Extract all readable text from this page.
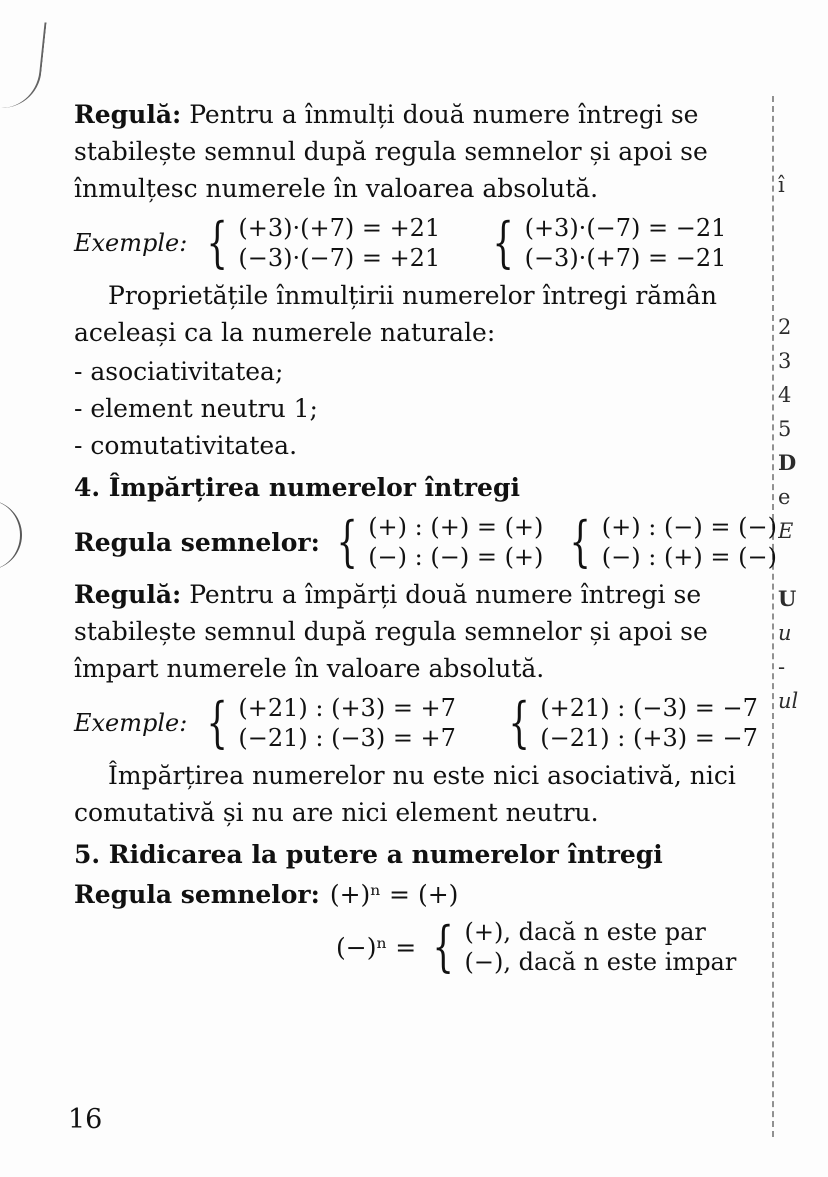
î
2
3
4
5
D
e
E
U
u
-
ul

Regulă: Pentru a înmulți două numere întregi se stabilește semnul după regula semnelor și apoi se înmulțesc numerele în valoarea absolută.

Exemple: { (+3)·(+7) = +21
(−3)·(−7) = +21 { (+3)·(−7) = −21
(−3)·(+7) = −21

Proprietățile înmulțirii numerelor întregi rămân aceleași ca la numerele naturale:

- asociativitatea;
- element neutru 1;
- comutativitatea.
4. Împărțirea numerelor întregi
Regula semnelor: { (+) : (+) = (+)
(−) : (−) = (+) { (+) : (−) = (−)
(−) : (+) = (−)

Regulă: Pentru a împărți două numere întregi se stabilește semnul după regula semnelor și apoi se împart numerele în valoare absolută.

Exemple: { (+21) : (+3) = +7
(−21) : (−3) = +7 { (+21) : (−3) = −7
(−21) : (+3) = −7

Împărțirea numerelor nu este nici asociativă, nici comutativă și nu are nici element neutru.

5. Ridicarea la putere a numerelor întregi
Regula semnelor: (+)ⁿ = (+)
(−)ⁿ = { (+), dacă n este par
(−), dacă n este impar
16
